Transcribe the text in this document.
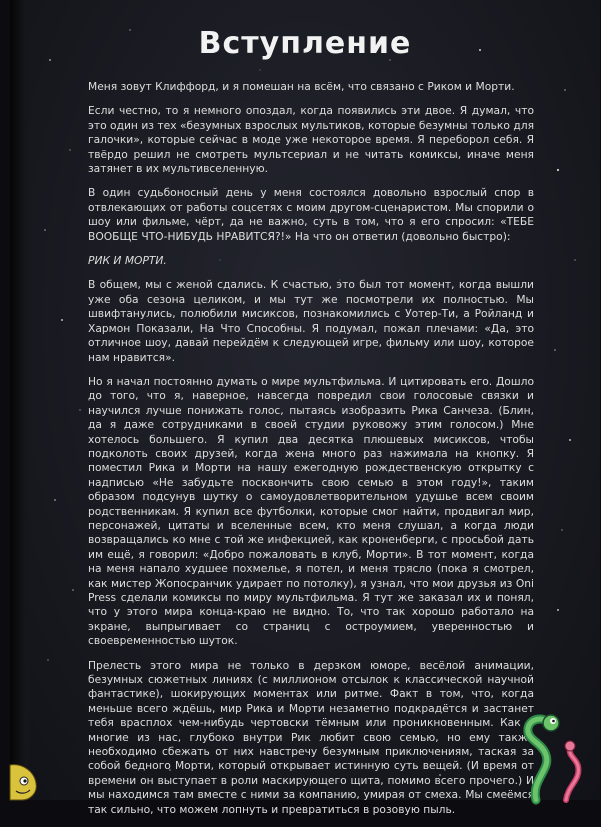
Вступление

Меня зовут Клиффорд, и я помешан на всём, что связано с Риком и Морти.

Если честно, то я немного опоздал, когда появились эти двое. Я думал, что это один из тех «безумных взрослых мультиков, которые безумны только для галочки», которые сейчас в моде уже некоторое время. Я переборол себя. Я твёрдо решил не смотреть мультсериал и не читать комиксы, иначе меня затянет в их мультивселенную.

В один судьбоносный день у меня состоялся довольно взрослый спор в отвлекающих от работы соцсетях с моим другом-сценаристом. Мы спорили о шоу или фильме, чёрт, да не важно, суть в том, что я его спросил: «ТЕБЕ ВООБЩЕ ЧТО-НИБУДЬ НРАВИТСЯ?!» На что он ответил (довольно быстро):

РИК И МОРТИ.

В общем, мы с женой сдались. К счастью, это был тот момент, когда вышли уже оба сезона целиком, и мы тут же посмотрели их полностью. Мы швифтанулись, полюбили мисиксов, познакомились с Уотер-Ти, а Ройланд и Хармон Показали, На Что Способны. Я подумал, пожал плечами: «Да, это отличное шоу, давай перейдём к следующей игре, фильму или шоу, которое нам нравится».

Но я начал постоянно думать о мире мультфильма. И цитировать его. Дошло до того, что я, наверное, навсегда повредил свои голосовые связки и научился лучше понижать голос, пытаясь изобразить Рика Санчеза. (Блин, да я даже сотрудниками в своей студии руковожу этим голосом.) Мне хотелось большего. Я купил два десятка плюшевых мисиксов, чтобы подколоть своих друзей, когда жена много раз нажимала на кнопку. Я поместил Рика и Морти на нашу ежегодную рождественскую открытку с надписью «Не забудьте посквончить свою семью в этом году!», таким образом подсунув шутку о самоудовлетворительном удушье всем своим родственникам. Я купил все футболки, которые смог найти, продвигал мир, персонажей, цитаты и вселенные всем, кто меня слушал, а когда люди возвращались ко мне с той же инфекцией, как кроненберги, с просьбой дать им ещё, я говорил: «Добро пожаловать в клуб, Морти». В тот момент, когда на меня напало худшее похмелье, я потел, и меня трясло (пока я смотрел, как мистер Жопосранчик удирает по потолку), я узнал, что мои друзья из Oni Press сделали комиксы по миру мультфильма. Я тут же заказал их и понял, что у этого мира конца-краю не видно. То, что так хорошо работало на экране, выпрыгивает со страниц с остроумием, уверенностью и своевременностью шуток.

Прелесть этого мира не только в дерзком юморе, весёлой анимации, безумных сюжетных линиях (с миллионом отсылок к классической научной фантастике), шокирующих моментах или ритме. Факт в том, что, когда меньше всего ждёшь, мир Рика и Морти незаметно подкрадётся и застанет тебя врасплох чем-нибудь чертовски тёмным или проникновенным. Как и многие из нас, глубоко внутри Рик любит свою семью, но ему также необходимо сбежать от них навстречу безумным приключениям, таская за собой бедного Морти, который открывает истинную суть вещей. (И время от времени он выступает в роли маскирующего щита, помимо всего прочего.) И мы находимся там вместе с ними за компанию, умирая от смеха. Мы смеёмся так сильно, что можем лопнуть и превратиться в розовую пыль.
